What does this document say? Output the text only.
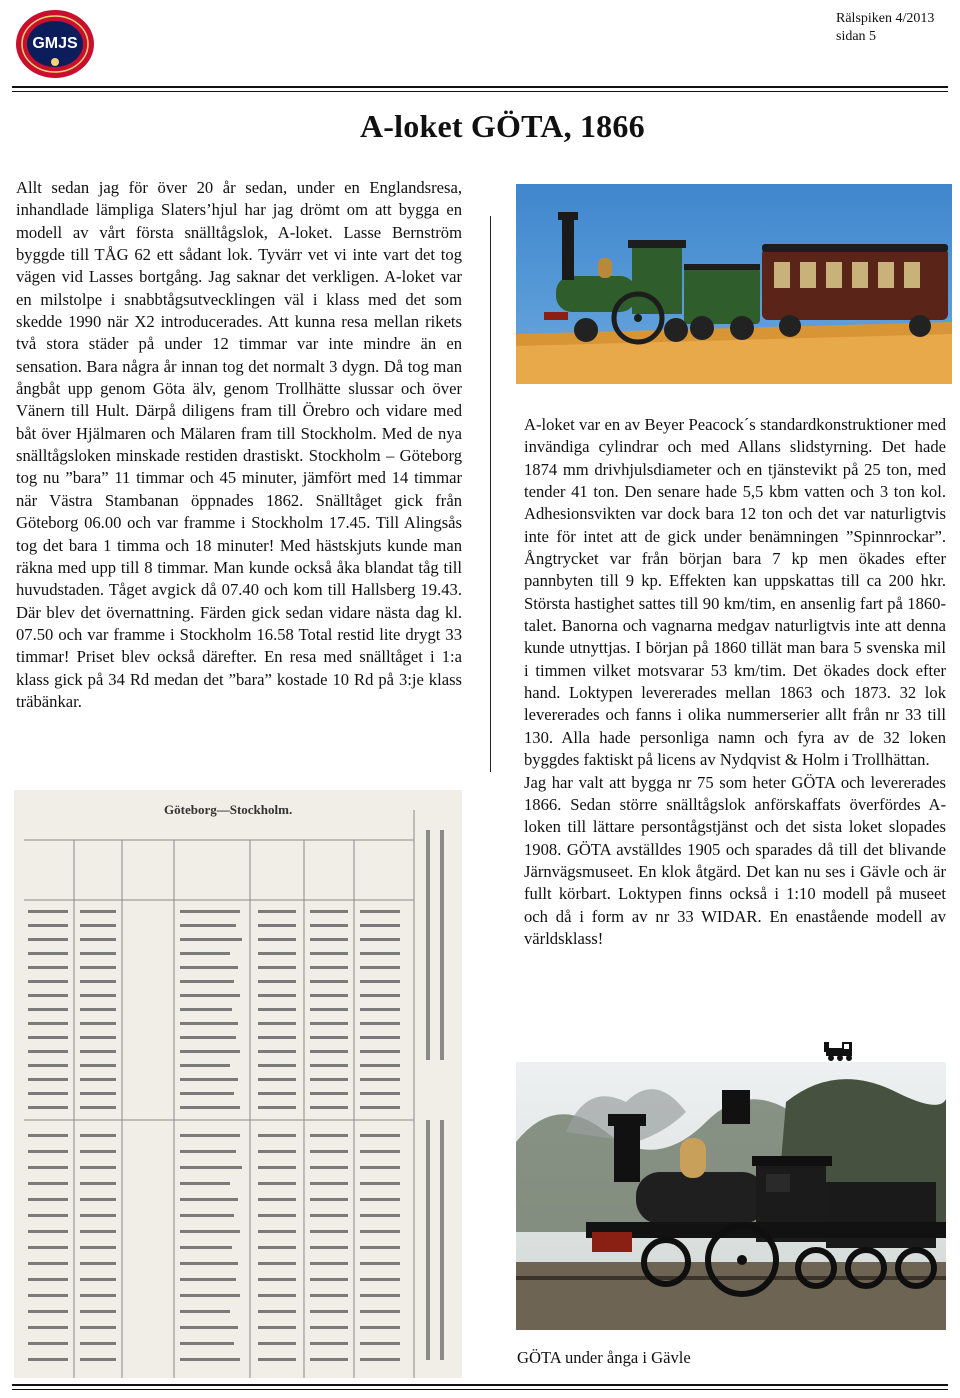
GMJS
Rälspiken 4/2013
sidan 5
A-loket GÖTA, 1866

Allt sedan jag för över 20 år sedan, under en Englandsresa, inhandlade lämpliga Slaters’hjul har jag drömt om att bygga en modell av vårt första snälltågslok, A-loket. Lasse Bernström byggde till TÅG 62 ett sådant lok. Tyvärr vet vi inte vart det tog vägen vid Lasses bortgång. Jag saknar det verkligen. A-loket var en milstolpe i snabbtågsutvecklingen väl i klass med det som skedde 1990 när X2 introducerades. Att kunna resa mellan rikets två stora städer på under 12 timmar var inte mindre än en sensation. Bara några år innan tog det normalt 3 dygn. Då tog man ångbåt upp genom Göta älv, genom Trollhätte slussar och över Vänern till Hult. Därpå diligens fram till Örebro och vidare med båt över Hjälmaren och Mälaren fram till Stockholm. Med de nya snälltågsloken minskade restiden drastiskt. Stockholm – Göteborg tog nu ”bara” 11 timmar och 45 minuter, jämfört med 14 timmar när Västra Stambanan öppnades 1862. Snälltåget gick från Göteborg 06.00 och var framme i Stockholm 17.45. Till Alingsås tog det bara 1 timma och 18 minuter! Med hästskjuts kunde man räkna med upp till 8 timmar. Man kunde också åka blandat tåg till huvudstaden. Tåget avgick då 07.40 och kom till Hallsberg 19.43. Där blev det övernattning. Färden gick sedan vidare nästa dag kl. 07.50 och var framme i Stockholm 16.58 Total restid lite drygt 33 timmar! Priset blev också därefter. En resa med snälltåget i 1:a klass gick på 34 Rd medan det ”bara” kostade 10 Rd på 3:je klass träbänkar.

A-loket var en av Beyer Peacock´s standardkonstruktioner med invändiga cylindrar och med Allans slidstyrning. Det hade 1874 mm drivhjulsdiameter och en tjänstevikt på 25 ton, med tender 41 ton. Den senare hade 5,5 kbm vatten och 3 ton kol. Adhesionsvikten var dock bara 12 ton och det var naturligtvis inte för intet att de gick under benämningen ”Spinnrockar”. Ångtrycket var från början bara 7 kp men ökades efter pannbyten till 9 kp. Effekten kan uppskattas till ca 200 hkr. Största hastighet sattes till 90 km/tim, en ansenlig fart på 1860-talet. Banorna och vagnarna medgav naturligtvis inte att denna kunde utnyttjas. I början på 1860 tillät man bara 5 svenska mil i timmen vilket motsvarar 53 km/tim. Det ökades dock efter hand. Loktypen levererades mellan 1863 och 1873. 32 lok levererades och fanns i olika nummerserier allt från nr 33 till 130. Alla hade personliga namn och fyra av de 32 loken byggdes faktiskt på licens av Nydqvist & Holm i Trollhättan.

Jag har valt att bygga nr 75 som heter GÖTA och levererades 1866. Sedan större snälltågslok anförskaffats överfördes A-loken till lättare persontågstjänst och det sista loket slopades 1908. GÖTA avställdes 1905 och sparades då till det blivande Järnvägsmuseet. En klok åtgärd. Det kan nu ses i Gävle och är fullt körbart. Loktypen finns också i 1:10 modell på museet och då i form av nr 33 WIDAR. En enastående modell av världsklass!

Göteborg—Stockholm.

GÖTA under ånga i Gävle
